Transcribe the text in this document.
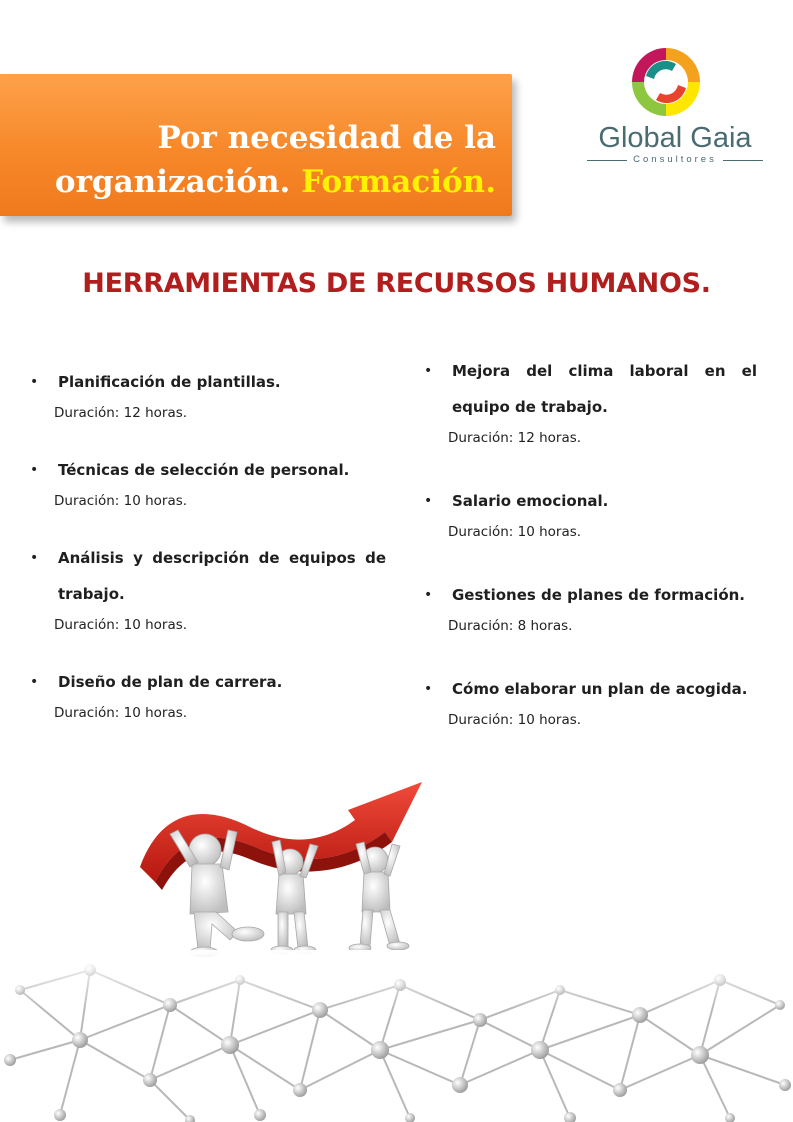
Por necesidad de la organización. Formación.
Global Gaia
Consultores
HERRAMIENTAS DE RECURSOS HUMANOS.
• Planificación de plantillas.
Duración: 12 horas.
• Técnicas de selección de personal.
Duración: 10 horas.
• Análisis y descripción de equipos de trabajo.
Duración: 10 horas.
• Diseño de plan de carrera.
Duración: 10 horas.
• Mejora del clima laboral en el equipo de trabajo.
Duración: 12 horas.
• Salario emocional.
Duración: 10 horas.
• Gestiones de planes de formación.
Duración: 8 horas.
• Cómo elaborar un plan de acogida.
Duración: 10 horas.
